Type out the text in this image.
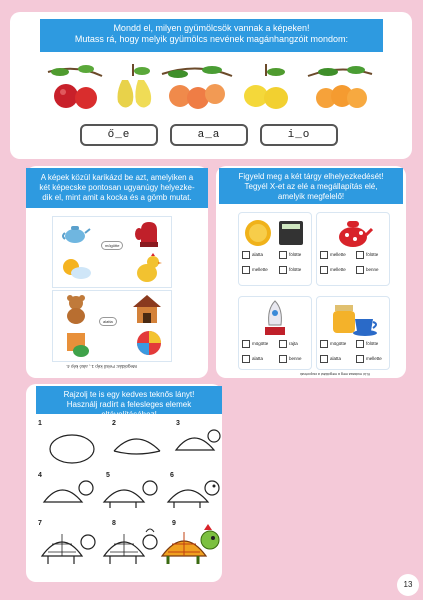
Mondd el, milyen gyümölcsök vannak a képeken!
Mutass rá, hogy melyik gyümölcs nevének magánhangzóit mondom:
ő_e	a_a	i_o
A képek közül karikázd be azt, amelyiken a
két képecske pontosan ugyanúgy helyezke-
dik el, mint amit a kocka és a gömb mutat.
mögötte
alatta
Megoldás: Felső kép 1., alsó kép 4.
Figyeld meg a két tárgy elhelyezkedését!
Tegyél X-et az elé a megállapítás elé,
amelyik megfelelő!
alatta	fölötte
mellette	fölötte
mellette	fölötte
mellette	benne
mögötte	rajta
alatta	benne
mögötte	fölötte
alatta	mellette
Ki-ki mutassa meg a megoldást a csoportnak
Rajzolj te is egy kedves teknős lányt!
Használj radírt a felesleges elemek eltávolításához!
1	2	3
4	5	6
7	8	9
13
